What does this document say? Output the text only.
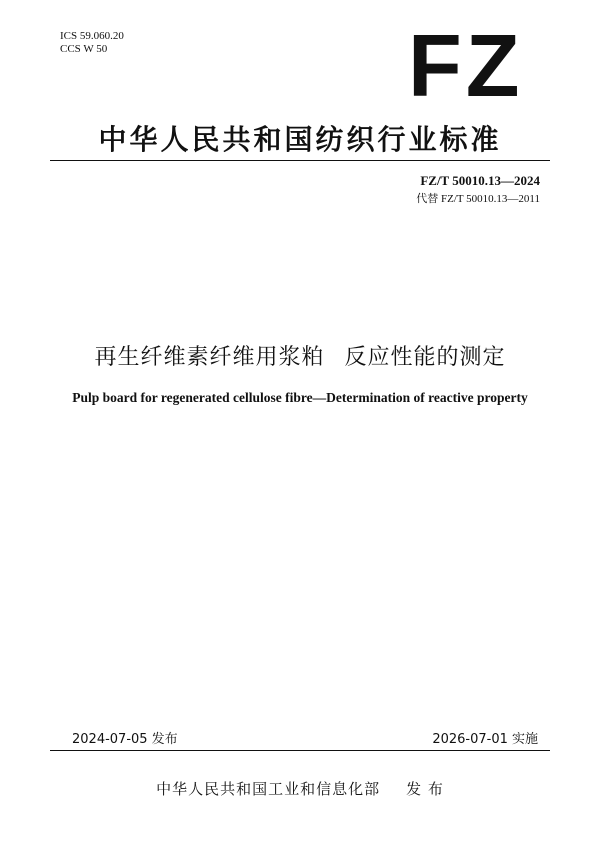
ICS 59.060.20
CCS W 50	FZ
中华人民共和国纺织行业标准
FZ/T 50010.13—2024
代替 FZ/T 50010.13—2011
再生纤维素纤维用浆粕 反应性能的测定
Pulp board for regenerated cellulose fibre—Determination of reactive property
2024-07-05 发布	2026-07-01 实施
中华人民共和国工业和信息化部 发 布
